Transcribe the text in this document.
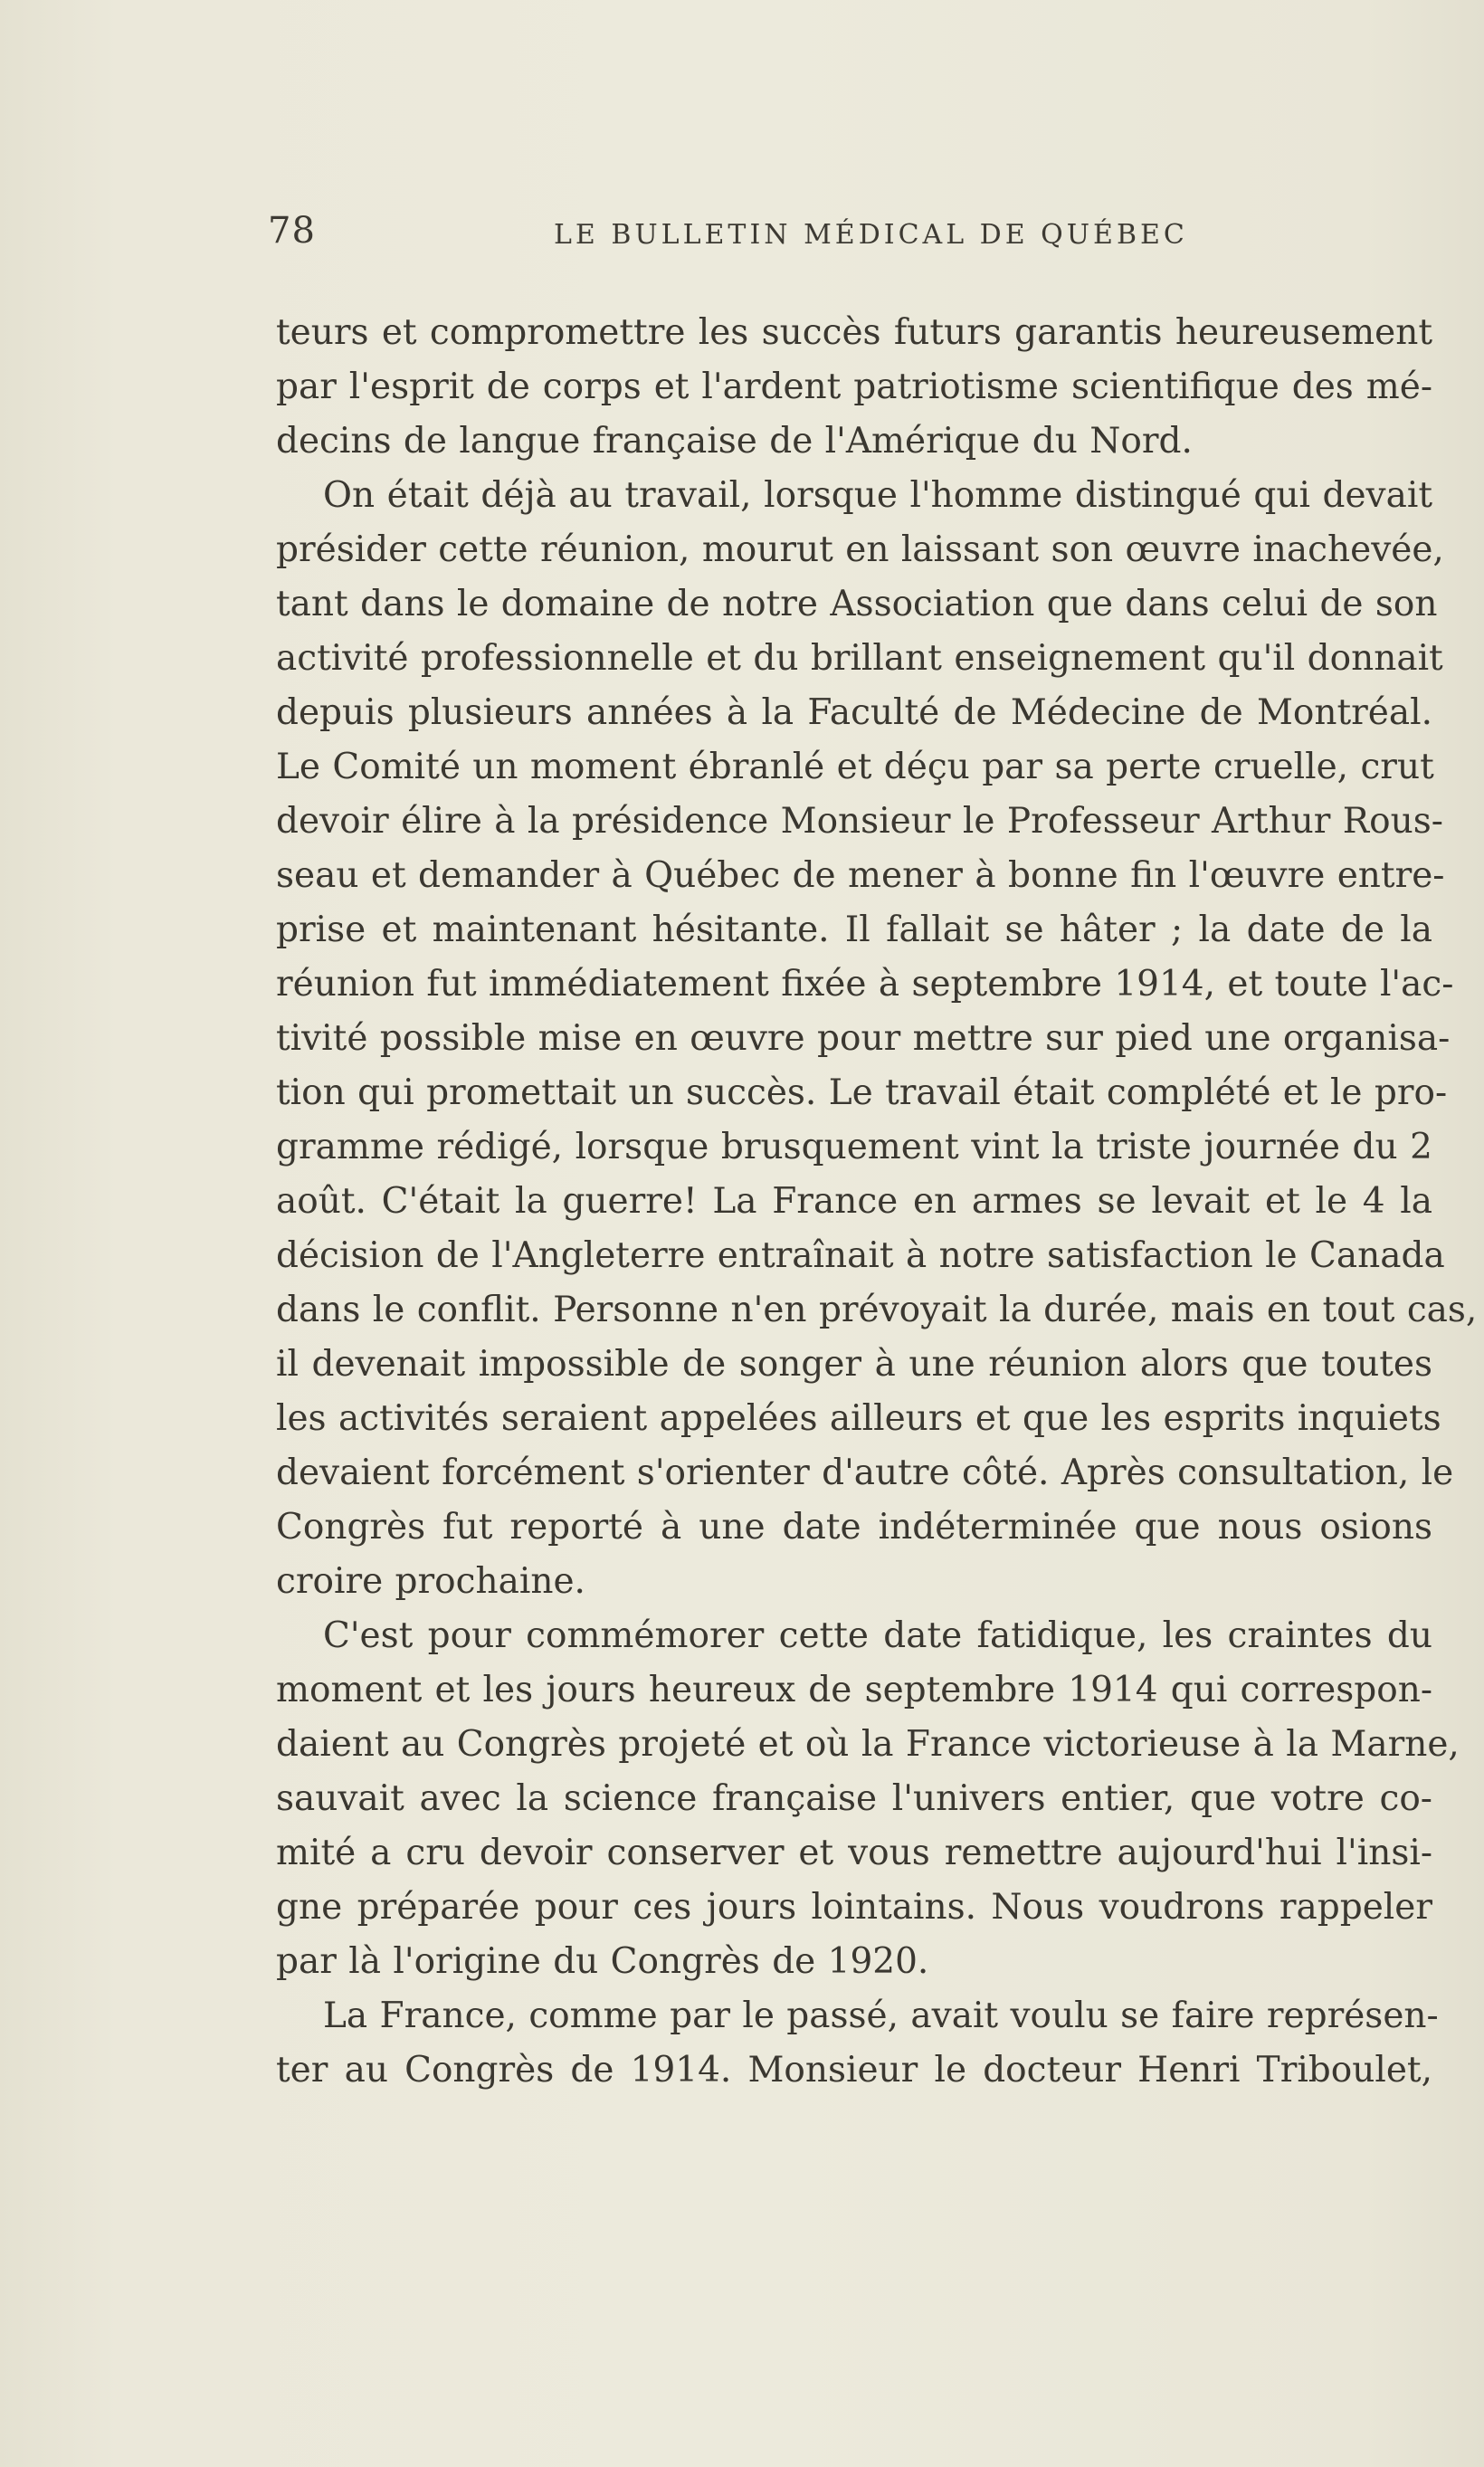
78	LE BULLETIN MÉDICAL DE QUÉBEC
teurs et compromettre les succès futurs garantis heureusement
par l'esprit de corps et l'ardent patriotisme scientifique des mé-
decins de langue française de l'Amérique du Nord.
On était déjà au travail, lorsque l'homme distingué qui devait
présider cette réunion, mourut en laissant son œuvre inachevée,
tant dans le domaine de notre Association que dans celui de son
activité professionnelle et du brillant enseignement qu'il donnait
depuis plusieurs années à la Faculté de Médecine de Montréal.
Le Comité un moment ébranlé et déçu par sa perte cruelle, crut
devoir élire à la présidence Monsieur le Professeur Arthur Rous-
seau et demander à Québec de mener à bonne fin l'œuvre entre-
prise et maintenant hésitante. Il fallait se hâter ; la date de la
réunion fut immédiatement fixée à septembre 1914, et toute l'ac-
tivité possible mise en œuvre pour mettre sur pied une organisa-
tion qui promettait un succès. Le travail était complété et le pro-
gramme rédigé, lorsque brusquement vint la triste journée du 2
août. C'était la guerre! La France en armes se levait et le 4 la
décision de l'Angleterre entraînait à notre satisfaction le Canada
dans le conflit. Personne n'en prévoyait la durée, mais en tout cas,
il devenait impossible de songer à une réunion alors que toutes
les activités seraient appelées ailleurs et que les esprits inquiets
devaient forcément s'orienter d'autre côté. Après consultation, le
Congrès fut reporté à une date indéterminée que nous osions
croire prochaine.
C'est pour commémorer cette date fatidique, les craintes du
moment et les jours heureux de septembre 1914 qui correspon-
daient au Congrès projeté et où la France victorieuse à la Marne,
sauvait avec la science française l'univers entier, que votre co-
mité a cru devoir conserver et vous remettre aujourd'hui l'insi-
gne préparée pour ces jours lointains. Nous voudrons rappeler
par là l'origine du Congrès de 1920.
La France, comme par le passé, avait voulu se faire représen-
ter au Congrès de 1914. Monsieur le docteur Henri Triboulet,
